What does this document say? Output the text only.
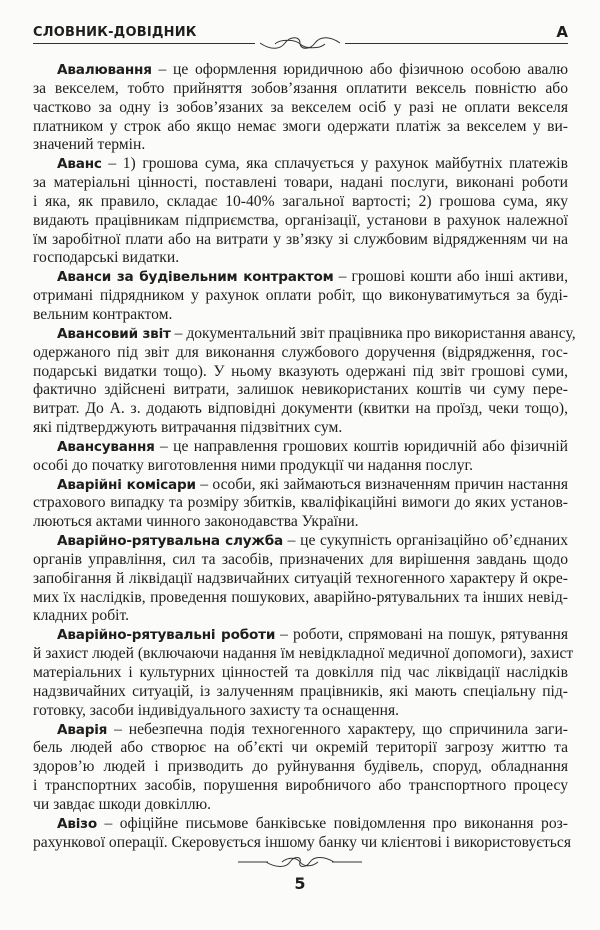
СЛОВНИК-ДОВІДНИК	А
Авалювання – це оформлення юридичною або фізичною особою авалю
за векселем, тобто прийняття зобов’язання оплатити вексель повністю або
частково за одну із зобов’язаних за векселем осіб у разі не оплати векселя
платником у строк або якщо немає змоги одержати платіж за векселем у ви-
значений термін.
Аванс – 1) грошова сума, яка сплачується у рахунок майбутніх платежів
за матеріальні цінності, поставлені товари, надані послуги, виконані роботи
і яка, як правило, складає 10-40% загальної вартості; 2) грошова сума, яку
видають працівникам підприємства, організації, установи в рахунок належної
їм заробітної плати або на витрати у зв’язку зі службовим відрядженням чи на
господарські видатки.
Аванси за будівельним контрактом – грошові кошти або інші активи,
отримані підрядником у рахунок оплати робіт, що виконуватимуться за буді-
вельним контрактом.
Авансовий звіт – документальний звіт працівника про використання авансу,
одержаного під звіт для виконання службового доручення (відрядження, гос-
подарські видатки тощо). У ньому вказують одержані під звіт грошові суми,
фактично здійснені витрати, залишок невикористаних коштів чи суму пере-
витрат. До А. з. додають відповідні документи (квитки на проїзд, чеки тощо),
які підтверджують витрачання підзвітних сум.
Авансування – це направлення грошових коштів юридичній або фізичній
особі до початку виготовлення ними продукції чи надання послуг.
Аварійні комісари – особи, які займаються визначенням причин настання
страхового випадку та розміру збитків, кваліфікаційні вимоги до яких установ-
люються актами чинного законодавства України.
Аварійно-рятувальна служба – це сукупність організаційно об’єднаних
органів управління, сил та засобів, призначених для вирішення завдань щодо
запобігання й ліквідації надзвичайних ситуацій техногенного характеру й окре-
мих їх наслідків, проведення пошукових, аварійно-рятувальних та інших невід-
кладних робіт.
Аварійно-рятувальні роботи – роботи, спрямовані на пошук, рятування
й захист людей (включаючи надання їм невідкладної медичної допомоги), захист
матеріальних і культурних цінностей та довкілля під час ліквідації наслідків
надзвичайних ситуацій, із залученням працівників, які мають спеціальну під-
готовку, засоби індивідуального захисту та оснащення.
Аварія – небезпечна подія техногенного характеру, що спричинила заги-
бель людей або створює на об’єкті чи окремій території загрозу життю та
здоров’ю людей і призводить до руйнування будівель, споруд, обладнання
і транспортних засобів, порушення виробничого або транспортного процесу
чи завдає шкоди довкіллю.
Авізо – офіційне письмове банківське повідомлення про виконання роз-
рахункової операції. Скеровується іншому банку чи клієнтові і використовується
5
